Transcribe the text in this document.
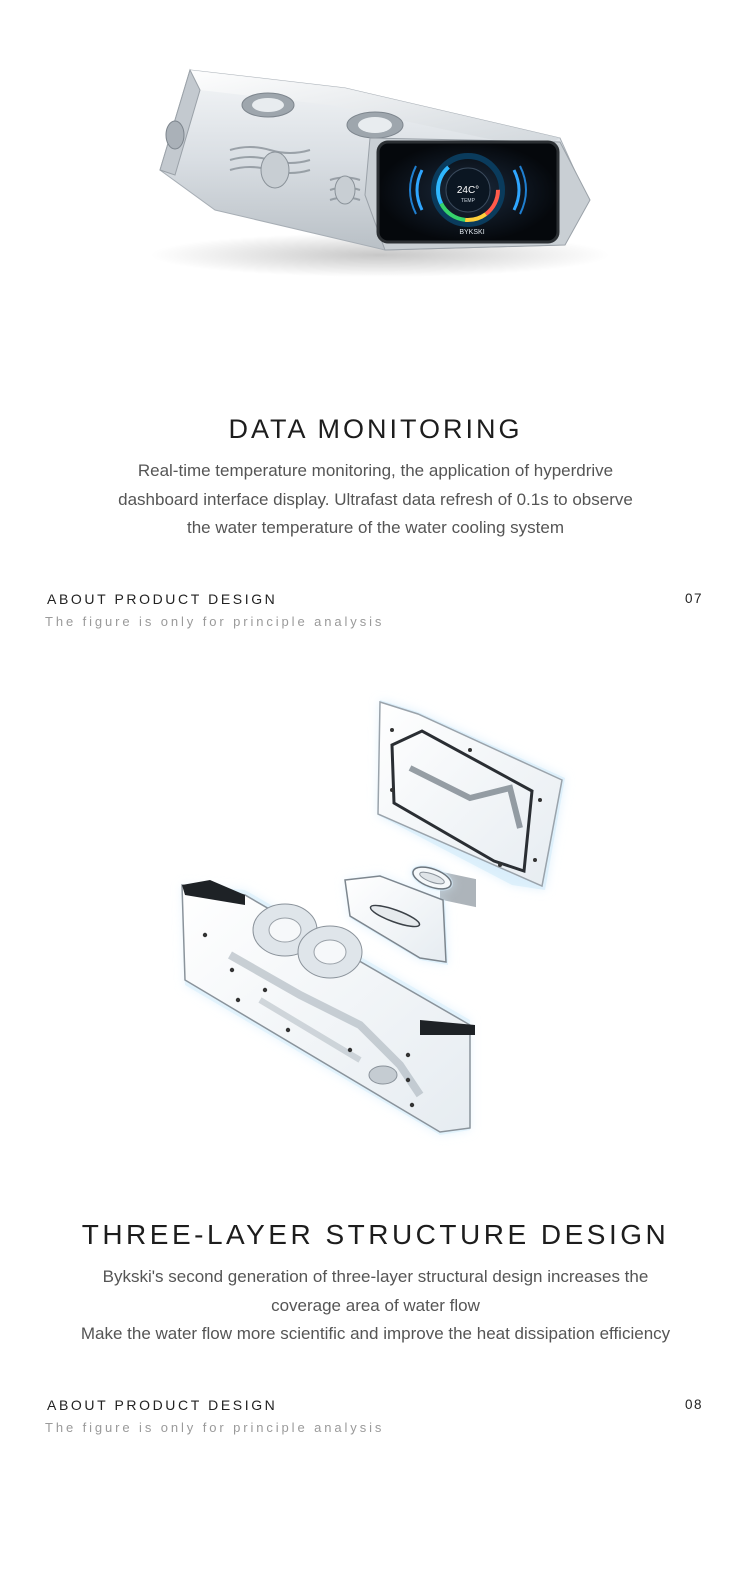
24C°
TEMP
BYKSKI
DATA MONITORING

Real-time temperature monitoring, the application of hyperdrive
dashboard interface display. Ultrafast data refresh of 0.1s to observe
the water temperature of the water cooling system

ABOUT PRODUCT DESIGN
The figure is only for principle analysis
07
THREE-LAYER STRUCTURE DESIGN

Bykski's second generation of three-layer structural design increases the
coverage area of water flow
Make the water flow more scientific and improve the heat dissipation efficiency

ABOUT PRODUCT DESIGN
The figure is only for principle analysis
08
